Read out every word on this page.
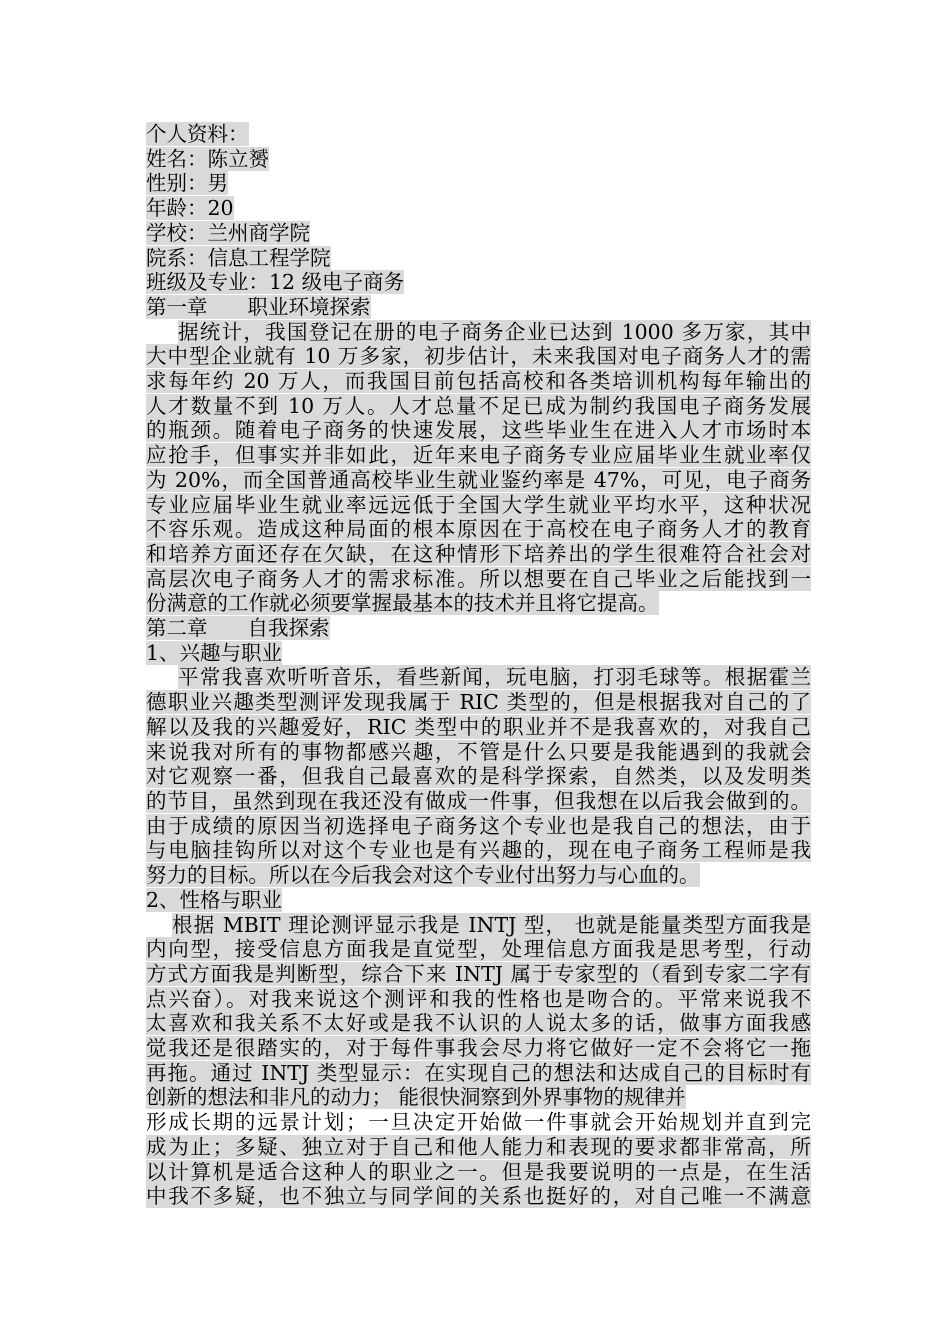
个人资料：
姓名：陈立赟
性别：男
年龄：20
学校：兰州商学院
院系：信息工程学院
班级及专业：12 级电子商务
第一章 职业环境探索
据统计，我国登记在册的电子商务企业已达到 1000 多万家，其中
大中型企业就有 10 万多家，初步估计，未来我国对电子商务人才的需
求每年约 20 万人，而我国目前包括高校和各类培训机构每年输出的
人才数量不到 10 万人。人才总量不足已成为制约我国电子商务发展
的瓶颈。随着电子商务的快速发展，这些毕业生在进入人才市场时本
应抢手，但事实并非如此，近年来电子商务专业应届毕业生就业率仅
为 20%，而全国普通高校毕业生就业鉴约率是 47%，可见，电子商务
专业应届毕业生就业率远远低于全国大学生就业平均水平，这种状况
不容乐观。造成这种局面的根本原因在于高校在电子商务人才的教育
和培养方面还存在欠缺，在这种情形下培养出的学生很难符合社会对
高层次电子商务人才的需求标准。所以想要在自己毕业之后能找到一
份满意的工作就必须要掌握最基本的技术并且将它提高。
第二章 自我探索
1、兴趣与职业
平常我喜欢听听音乐，看些新闻，玩电脑，打羽毛球等。根据霍兰
德职业兴趣类型测评发现我属于 RIC 类型的，但是根据我对自己的了
解以及我的兴趣爱好，RIC 类型中的职业并不是我喜欢的，对我自己
来说我对所有的事物都感兴趣，不管是什么只要是我能遇到的我就会
对它观察一番，但我自己最喜欢的是科学探索，自然类，以及发明类
的节目，虽然到现在我还没有做成一件事，但我想在以后我会做到的。
由于成绩的原因当初选择电子商务这个专业也是我自己的想法，由于
与电脑挂钩所以对这个专业也是有兴趣的，现在电子商务工程师是我
努力的目标。所以在今后我会对这个专业付出努力与心血的。
2、性格与职业
根据 MBIT 理论测评显示我是 INTJ 型， 也就是能量类型方面我是
内向型，接受信息方面我是直觉型，处理信息方面我是思考型，行动
方式方面我是判断型，综合下来 INTJ 属于专家型的（看到专家二字有
点兴奋）。对我来说这个测评和我的性格也是吻合的。平常来说我不
太喜欢和我关系不太好或是我不认识的人说太多的话，做事方面我感
觉我还是很踏实的，对于每件事我会尽力将它做好一定不会将它一拖
再拖。通过 INTJ 类型显示：在实现自己的想法和达成自己的目标时有
创新的想法和非凡的动力； 能很快洞察到外界事物的规律并
形成长期的远景计划；一旦决定开始做一件事就会开始规划并直到完
成为止；多疑、独立对于自己和他人能力和表现的要求都非常高，所
以计算机是适合这种人的职业之一。但是我要说明的一点是，在生活
中我不多疑，也不独立与同学间的关系也挺好的，对自己唯一不满意
